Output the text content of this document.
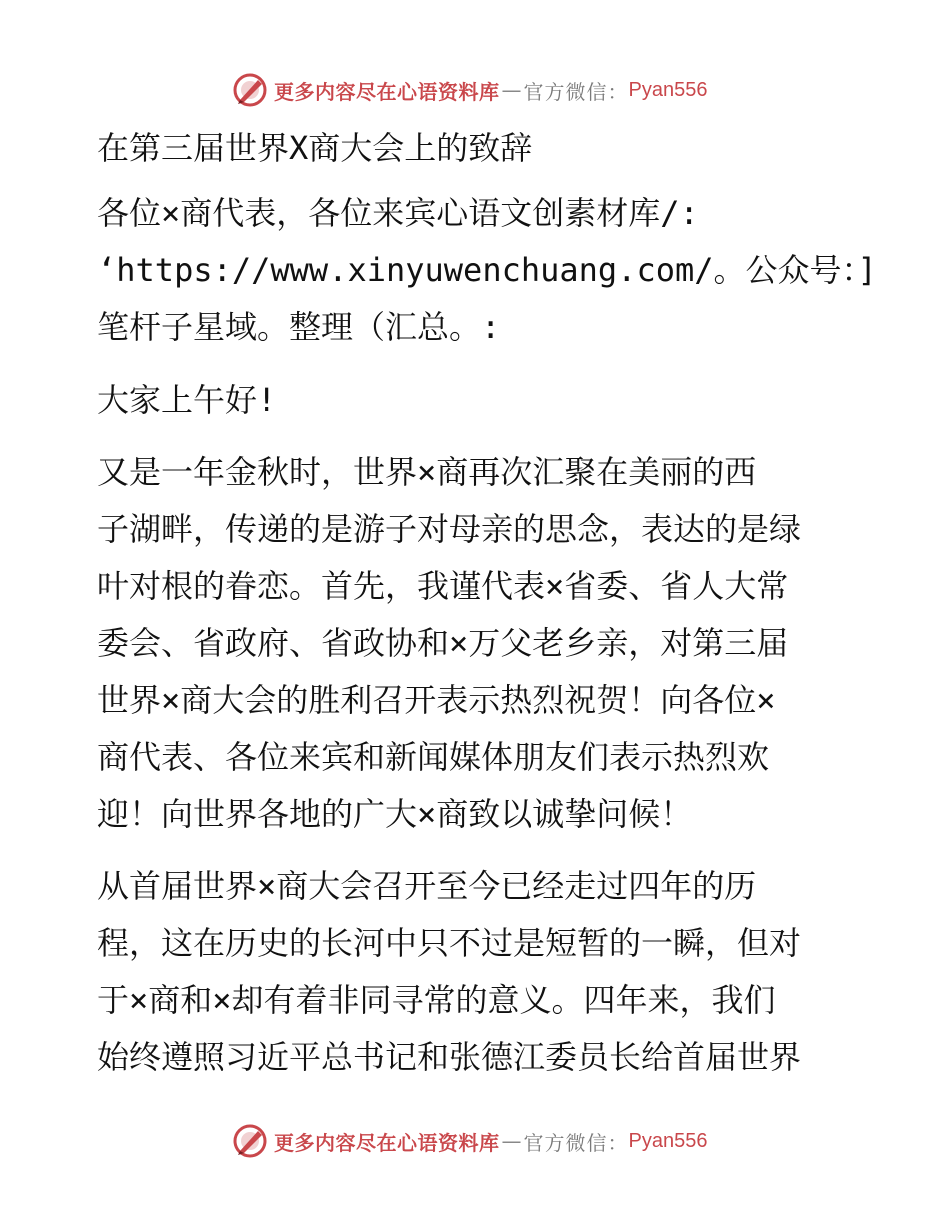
更多内容尽在心语资料库 — 官方微信： Pyan556

在第三届世界X商大会上的致辞

各位×商代表，各位来宾心语文创素材库/:
‘https://www.xinyuwenchuang.com/。公众号：]
笔杆子星域。整理（汇总。:

大家上午好!

又是一年金秋时，世界×商再次汇聚在美丽的西
子湖畔，传递的是游子对母亲的思念，表达的是绿
叶对根的眷恋。首先，我谨代表×省委、省人大常
委会、省政府、省政协和×万父老乡亲，对第三届
世界×商大会的胜利召开表示热烈祝贺！向各位×
商代表、各位来宾和新闻媒体朋友们表示热烈欢
迎！向世界各地的广大×商致以诚挚问候！
从首届世界×商大会召开至今已经走过四年的历
程，这在历史的长河中只不过是短暂的一瞬，但对
于×商和×却有着非同寻常的意义。四年来，我们
始终遵照习近平总书记和张德江委员长给首届世界
更多内容尽在心语资料库 — 官方微信： Pyan556
